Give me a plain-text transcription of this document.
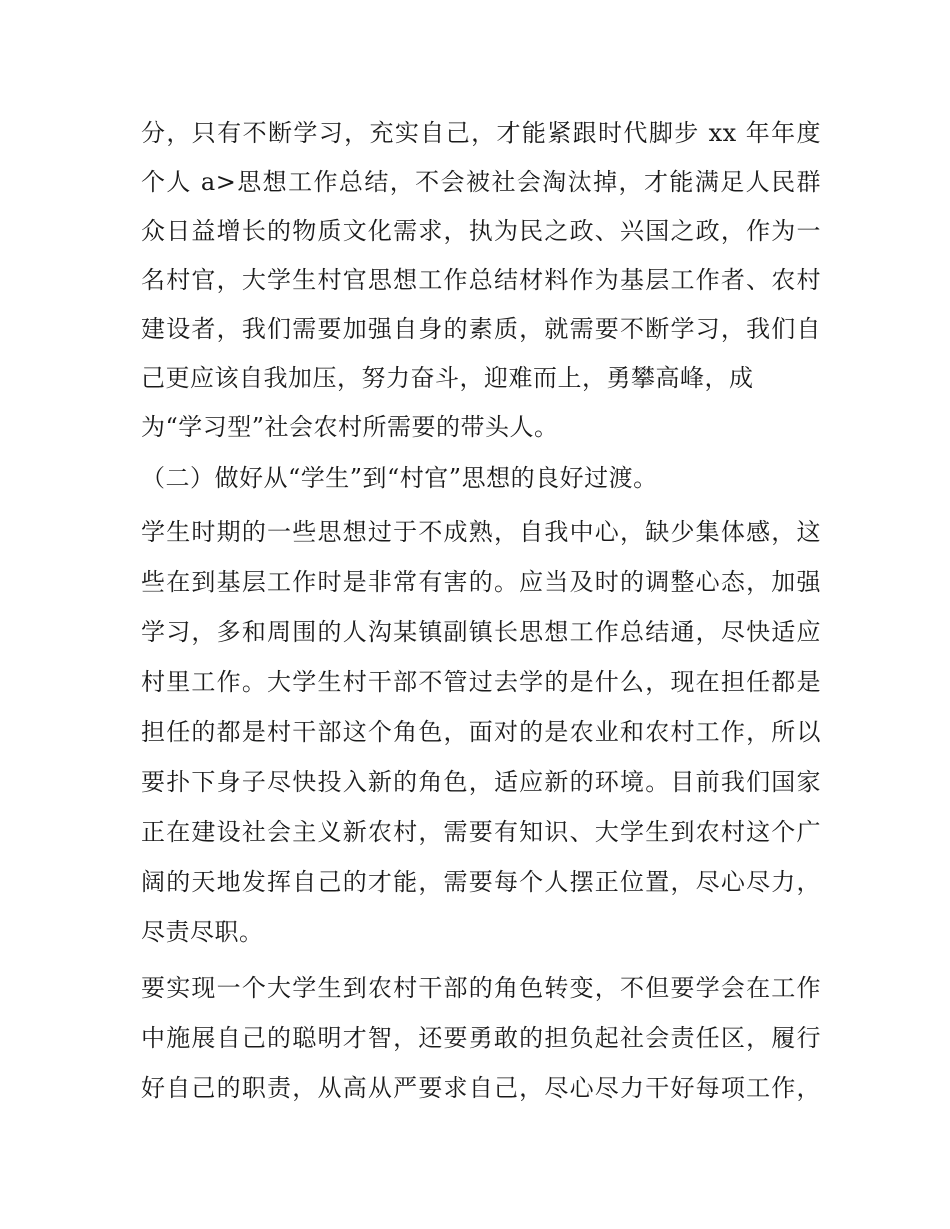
分，只有不断学习，充实自己，才能紧跟时代脚步 xx 年年度
个人 a>思想工作总结，不会被社会淘汰掉，才能满足人民群
众日益增长的物质文化需求，执为民之政、兴国之政，作为一
名村官，大学生村官思想工作总结材料作为基层工作者、农村
建设者，我们需要加强自身的素质，就需要不断学习，我们自
己更应该自我加压，努力奋斗，迎难而上，勇攀高峰，成
为“学习型”社会农村所需要的带头人。
（二）做好从“学生”到“村官”思想的良好过渡。
学生时期的一些思想过于不成熟，自我中心，缺少集体感，这
些在到基层工作时是非常有害的。应当及时的调整心态，加强
学习，多和周围的人沟某镇副镇长思想工作总结通，尽快适应
村里工作。大学生村干部不管过去学的是什么，现在担任都是
担任的都是村干部这个角色，面对的是农业和农村工作，所以
要扑下身子尽快投入新的角色，适应新的环境。目前我们国家
正在建设社会主义新农村，需要有知识、大学生到农村这个广
阔的天地发挥自己的才能，需要每个人摆正位置，尽心尽力，
尽责尽职。
要实现一个大学生到农村干部的角色转变，不但要学会在工作
中施展自己的聪明才智，还要勇敢的担负起社会责任区，履行
好自己的职责，从高从严要求自己，尽心尽力干好每项工作，
